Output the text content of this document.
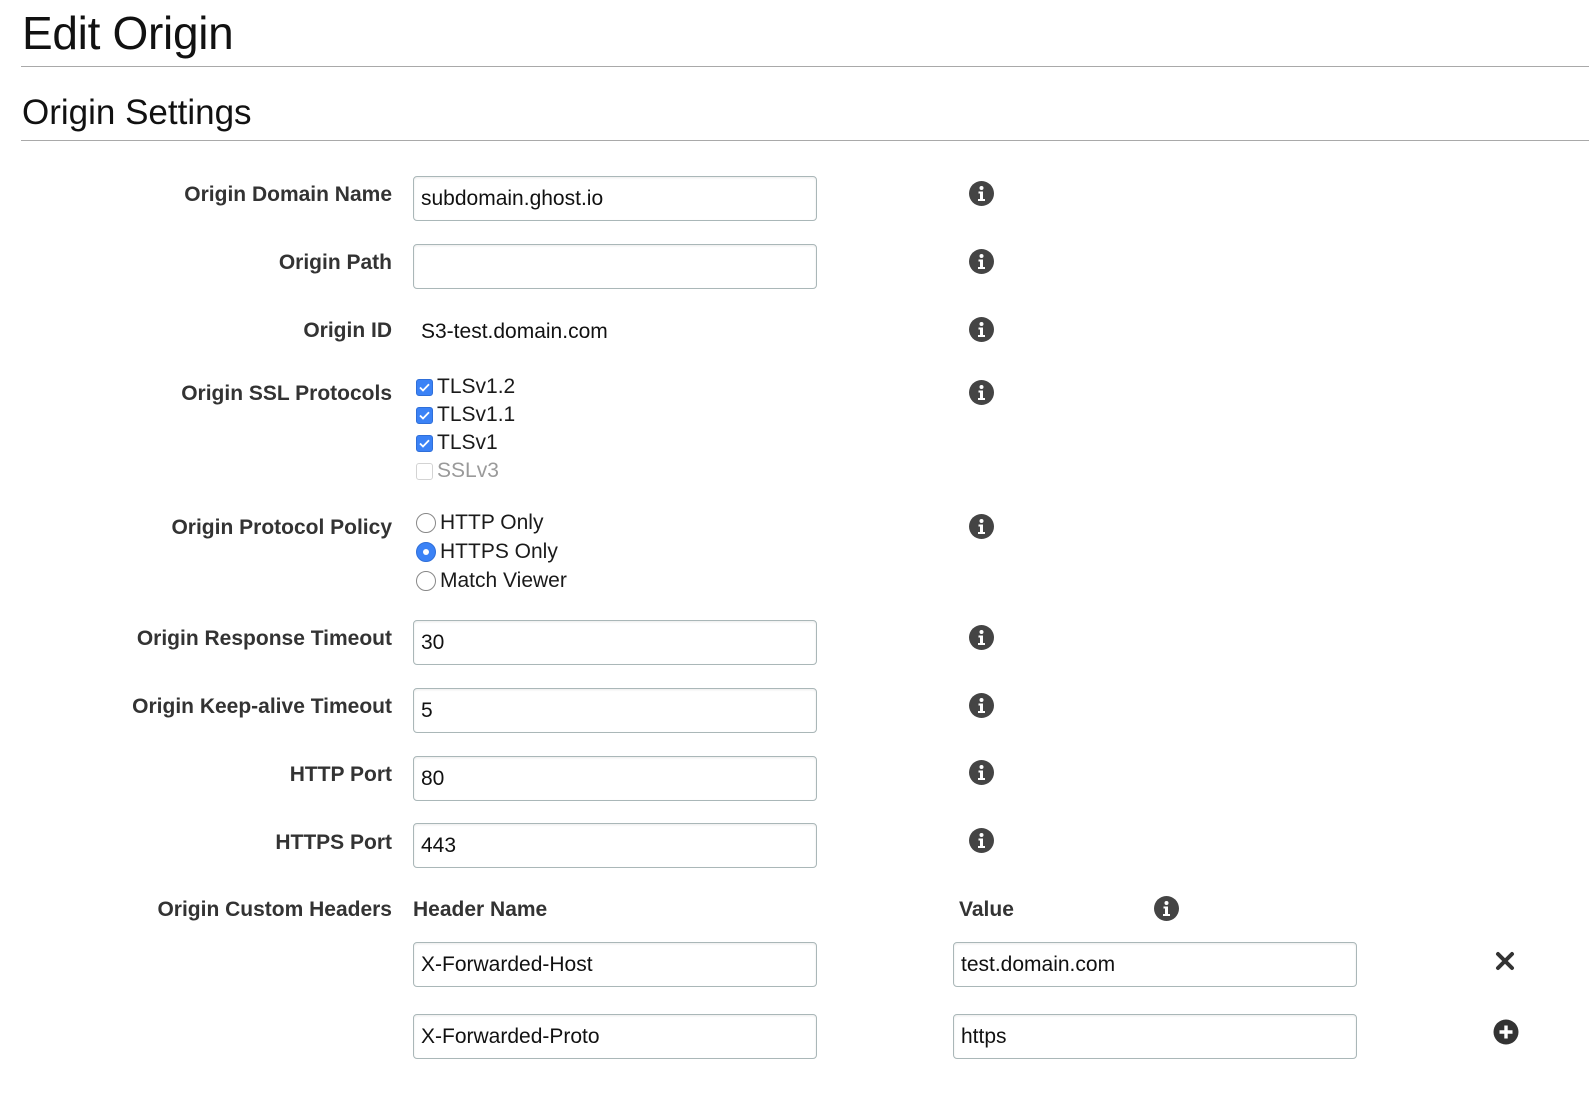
Edit Origin
Origin Settings
Origin Domain Name
subdomain.ghost.io
Origin Path
Origin ID S3-test.domain.com
Origin SSL Protocols TLSv1.2
TLSv1.1
TLSv1
SSLv3
Origin Protocol Policy HTTP Only
HTTPS Only
Match Viewer
Origin Response Timeout
30
Origin Keep-alive Timeout
5
HTTP Port
80
HTTPS Port
443
Origin Custom Headers Header Name	Value
X-Forwarded-Host
test.domain.com
X-Forwarded-Proto
https
